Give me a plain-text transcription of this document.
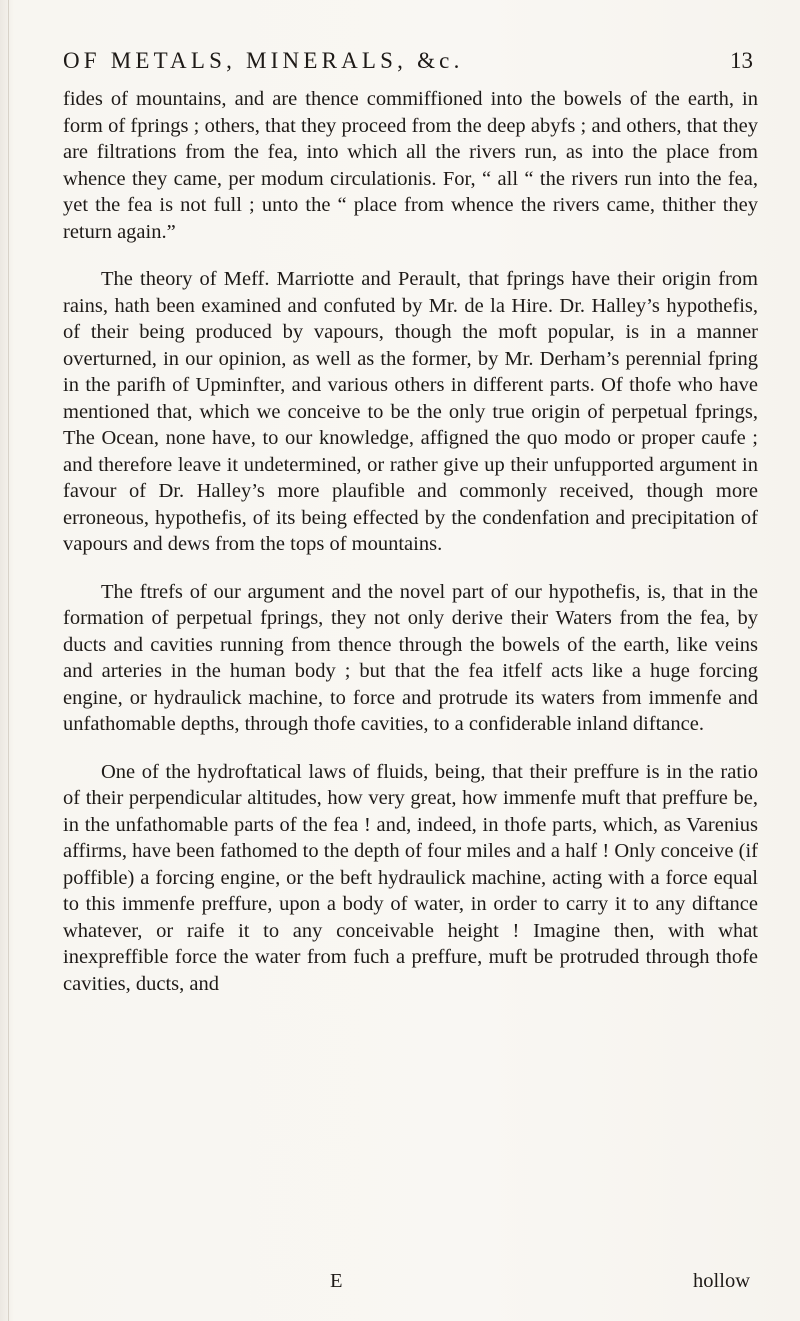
OF METALS, MINERALS, &c.	13

fides of mountains, and are thence commiffioned into the bowels of the earth, in form of fprings ; others, that they proceed from the deep abyfs ; and others, that they are filtrations from the fea, into which all the rivers run, as into the place from whence they came, per modum circulationis. For, “ all “ the rivers run into the fea, yet the fea is not full ; unto the “ place from whence the rivers came, thither they return again.”

The theory of Meff. Marriotte and Perault, that fprings have their origin from rains, hath been examined and confuted by Mr. de la Hire. Dr. Halley’s hypothefis, of their being produced by vapours, though the moft popular, is in a manner overturned, in our opinion, as well as the former, by Mr. Derham’s perennial fpring in the parifh of Upminfter, and various others in different parts. Of thofe who have mentioned that, which we conceive to be the only true origin of perpetual fprings, The Ocean, none have, to our knowledge, affigned the quo modo or proper caufe ; and therefore leave it undetermined, or rather give up their unfupported argument in favour of Dr. Halley’s more plaufible and commonly received, though more erroneous, hypothefis, of its being effected by the condenfation and precipitation of vapours and dews from the tops of mountains.

The ftrefs of our argument and the novel part of our hypothefis, is, that in the formation of perpetual fprings, they not only derive their Waters from the fea, by ducts and cavities running from thence through the bowels of the earth, like veins and arteries in the human body ; but that the fea itfelf acts like a huge forcing engine, or hydraulick machine, to force and protrude its waters from immenfe and unfathomable depths, through thofe cavities, to a confiderable inland diftance.

One of the hydroftatical laws of fluids, being, that their preffure is in the ratio of their perpendicular altitudes, how very great, how immenfe muft that preffure be, in the unfathomable parts of the fea ! and, indeed, in thofe parts, which, as Varenius affirms, have been fathomed to the depth of four miles and a half ! Only conceive (if poffible) a forcing engine, or the beft hydraulick machine, acting with a force equal to this immenfe preffure, upon a body of water, in order to carry it to any diftance whatever, or raife it to any conceivable height ! Imagine then, with what inexpreffible force the water from fuch a preffure, muft be protruded through thofe cavities, ducts, and

E	hollow
